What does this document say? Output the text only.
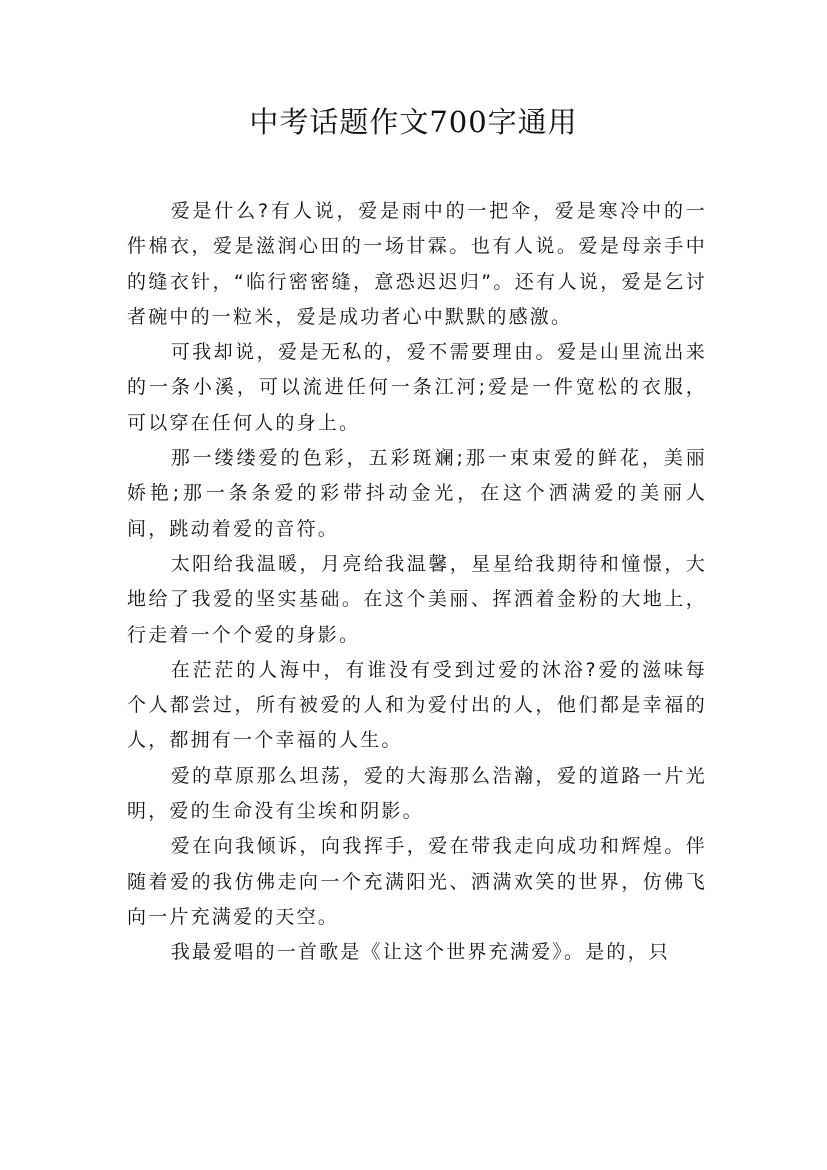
中考话题作文700字通用

爱是什么?有人说，爱是雨中的一把伞，爱是寒冷中的一件棉衣，爱是滋润心田的一场甘霖。也有人说。爱是母亲手中的缝衣针，“临行密密缝，意恐迟迟归”。还有人说，爱是乞讨者碗中的一粒米，爱是成功者心中默默的感激。

可我却说，爱是无私的，爱不需要理由。爱是山里流出来的一条小溪，可以流进任何一条江河;爱是一件宽松的衣服，可以穿在任何人的身上。

那一缕缕爱的色彩，五彩斑斓;那一束束爱的鲜花，美丽娇艳;那一条条爱的彩带抖动金光，在这个洒满爱的美丽人间，跳动着爱的音符。

太阳给我温暖，月亮给我温馨，星星给我期待和憧憬，大地给了我爱的坚实基础。在这个美丽、挥洒着金粉的大地上，行走着一个个爱的身影。

在茫茫的人海中，有谁没有受到过爱的沐浴?爱的滋味每个人都尝过，所有被爱的人和为爱付出的人，他们都是幸福的人，都拥有一个幸福的人生。

爱的草原那么坦荡，爱的大海那么浩瀚，爱的道路一片光明，爱的生命没有尘埃和阴影。

爱在向我倾诉，向我挥手，爱在带我走向成功和辉煌。伴随着爱的我仿佛走向一个充满阳光、洒满欢笑的世界，仿佛飞向一片充满爱的天空。

我最爱唱的一首歌是《让这个世界充满爱》。是的，只
